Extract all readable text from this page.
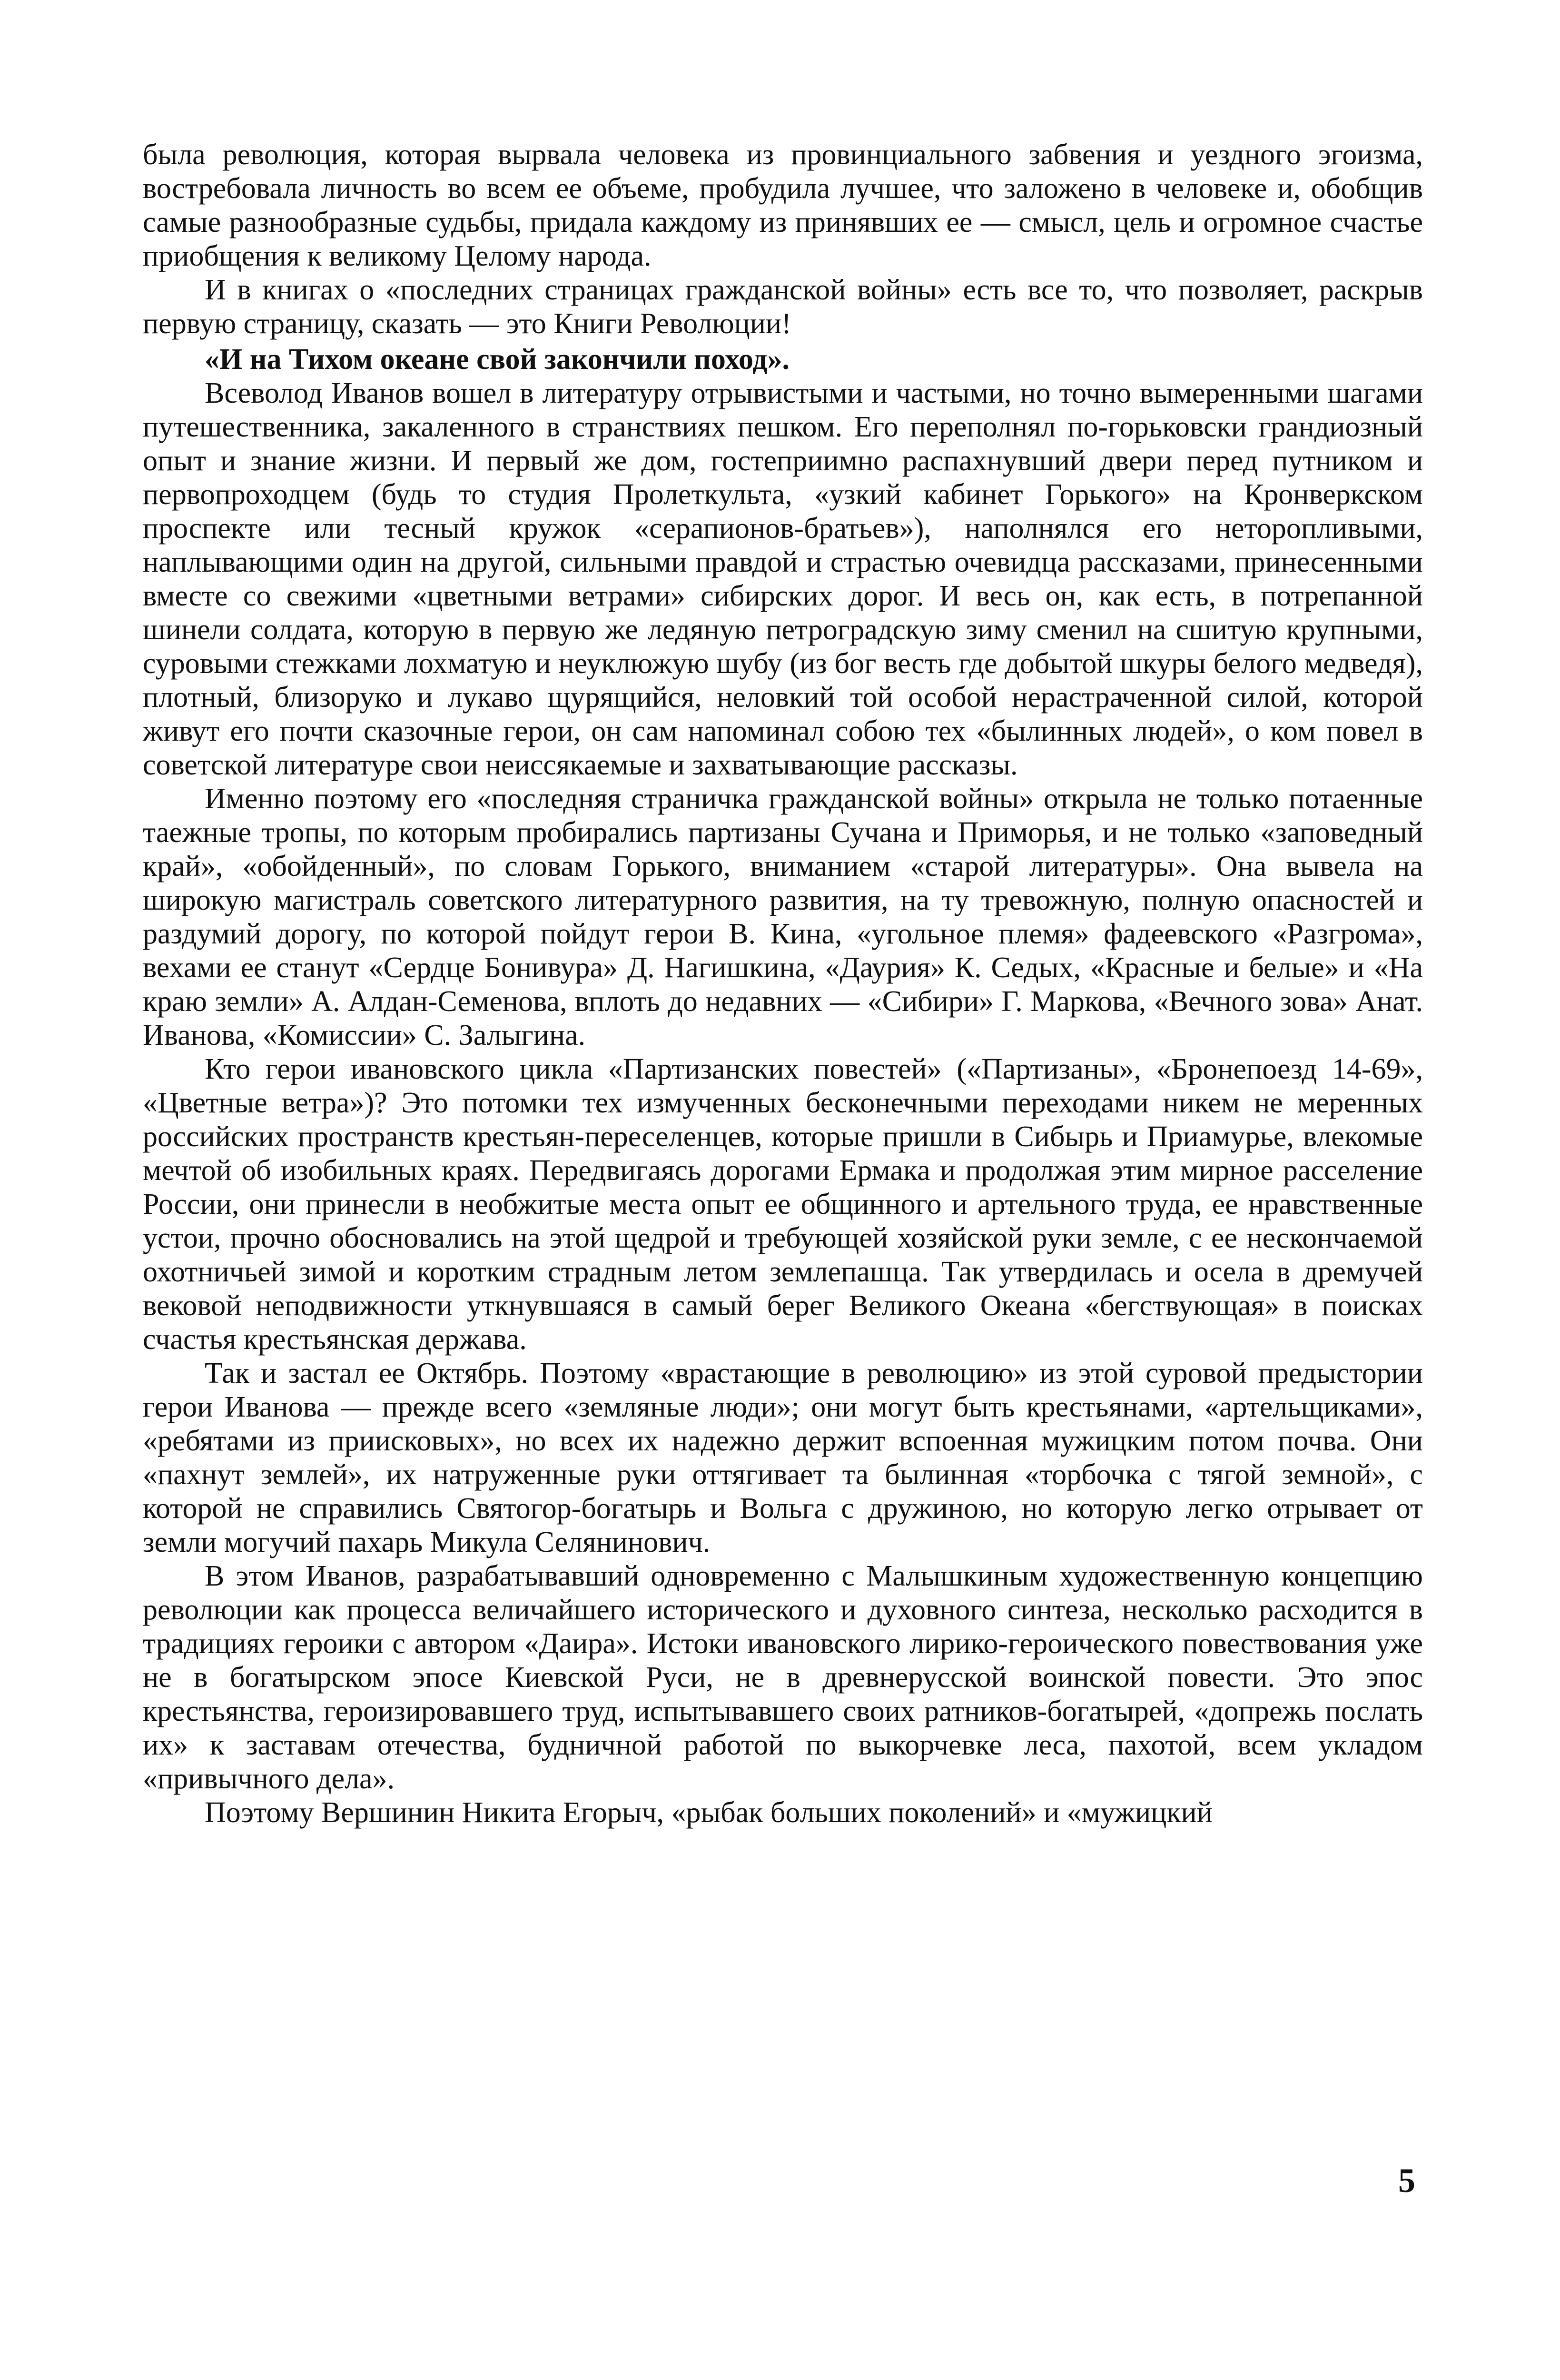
была революция, которая вырвала человека из провинциального забвения и уездного эгоизма, востребовала личность во всем ее объеме, пробудила лучшее, что заложено в человеке и, обобщив самые разнообразные судьбы, придала каждому из принявших ее — смысл, цель и огромное счастье приобщения к великому Целому народа.

И в книгах о «последних страницах гражданской войны» есть все то, что позволяет, раскрыв первую страницу, сказать — это Книги Революции!

«И на Тихом океане свой закончили поход».

Всеволод Иванов вошел в литературу отрывистыми и частыми, но точно вымеренными шагами путешественника, закаленного в странствиях пешком. Его переполнял по-горьковски грандиозный опыт и знание жизни. И первый же дом, гостеприимно распахнувший двери перед путником и первопроходцем (будь то студия Пролеткульта, «узкий кабинет Горького» на Кронверкском проспекте или тесный кружок «серапионов-братьев»), наполнялся его неторопливыми, наплывающими один на другой, сильными правдой и страстью очевидца рассказами, принесенными вместе со свежими «цветными ветрами» сибирских дорог. И весь он, как есть, в потрепанной шинели солдата, которую в первую же ледяную петроградскую зиму сменил на сшитую крупными, суровыми стежками лохматую и неуклюжую шубу (из бог весть где добытой шкуры белого медведя), плотный, близоруко и лукаво щурящийся, неловкий той особой нерастраченной силой, которой живут его почти сказочные герои, он сам напоминал собою тех «былинных людей», о ком повел в советской литературе свои неиссякаемые и захватывающие рассказы.

Именно поэтому его «последняя страничка гражданской войны» открыла не только потаенные таежные тропы, по которым пробирались партизаны Сучана и Приморья, и не только «заповедный край», «обойденный», по словам Горького, вниманием «старой литературы». Она вывела на широкую магистраль советского литературного развития, на ту тревожную, полную опасностей и раздумий дорогу, по которой пойдут герои В. Кина, «угольное племя» фадеевского «Разгрома», вехами ее станут «Сердце Бонивура» Д. Нагишкина, «Даурия» К. Седых, «Красные и белые» и «На краю земли» А. Алдан-Семенова, вплоть до недавних — «Сибири» Г. Маркова, «Вечного зова» Анат. Иванова, «Комиссии» С. Залыгина.

Кто герои ивановского цикла «Партизанских повестей» («Партизаны», «Бронепоезд 14-69», «Цветные ветра»)? Это потомки тех измученных бесконечными переходами никем не меренных российских пространств крестьян-переселенцев, которые пришли в Сибырь и Приамурье, влекомые мечтой об изобильных краях. Передвигаясь дорогами Ермака и продолжая этим мирное расселение России, они принесли в необжитые места опыт ее общинного и артельного труда, ее нравственные устои, прочно обосновались на этой щедрой и требующей хозяйской руки земле, с ее нескончаемой охотничьей зимой и коротким страдным летом землепашца. Так утвердилась и осела в дремучей вековой неподвижности уткнувшаяся в самый берег Великого Океана «бегствующая» в поисках счастья крестьянская держава.

Так и застал ее Октябрь. Поэтому «врастающие в революцию» из этой суровой предыстории герои Иванова — прежде всего «земляные люди»; они могут быть крестьянами, «артельщиками», «ребятами из приисковых», но всех их надежно держит вспоенная мужицким потом почва. Они «пахнут землей», их натруженные руки оттягивает та былинная «торбочка с тягой земной», с которой не справились Святогор-богатырь и Вольга с дружиною, но которую легко отрывает от земли могучий пахарь Микула Селянинович.

В этом Иванов, разрабатывавший одновременно с Малышкиным художественную концепцию революции как процесса величайшего исторического и духовного синтеза, несколько расходится в традициях героики с автором «Даира». Истоки ивановского лирико-героического повествования уже не в богатырском эпосе Киевской Руси, не в древнерусской воинской повести. Это эпос крестьянства, героизировавшего труд, испытывавшего своих ратников-богатырей, «допрежь послать их» к заставам отечества, будничной работой по выкорчевке леса, пахотой, всем укладом «привычного дела».

Поэтому Вершинин Никита Егорыч, «рыбак больших поколений» и «мужицкий

5
